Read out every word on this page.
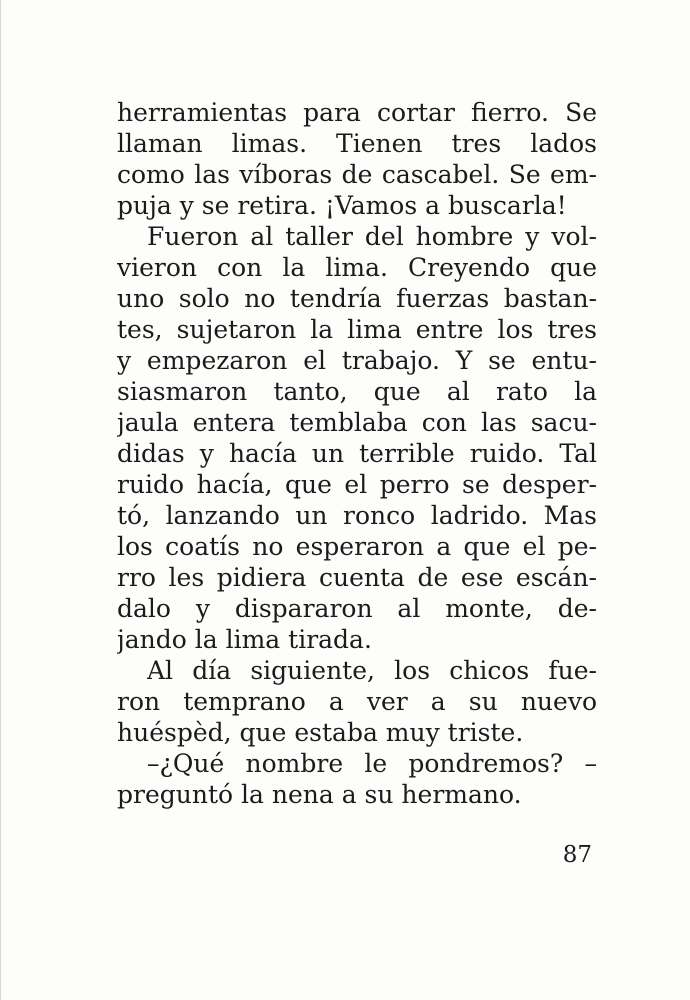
herramientas para cortar fierro. Se
llaman limas. Tienen tres lados
como las víboras de cascabel. Se em-
puja y se retira. ¡Vamos a buscarla!
Fueron al taller del hombre y vol-
vieron con la lima. Creyendo que
uno solo no tendría fuerzas bastan-
tes, sujetaron la lima entre los tres
y empezaron el trabajo. Y se entu-
siasmaron tanto, que al rato la
jaula entera temblaba con las sacu-
didas y hacía un terrible ruido. Tal
ruido hacía, que el perro se desper-
tó, lanzando un ronco ladrido. Mas
los coatís no esperaron a que el pe-
rro les pidiera cuenta de ese escán-
dalo y dispararon al monte, de-
jando la lima tirada.
Al día siguiente, los chicos fue-
ron temprano a ver a su nuevo
huéspèd, que estaba muy triste.
–¿Qué nombre le pondremos? –
preguntó la nena a su hermano.
87
